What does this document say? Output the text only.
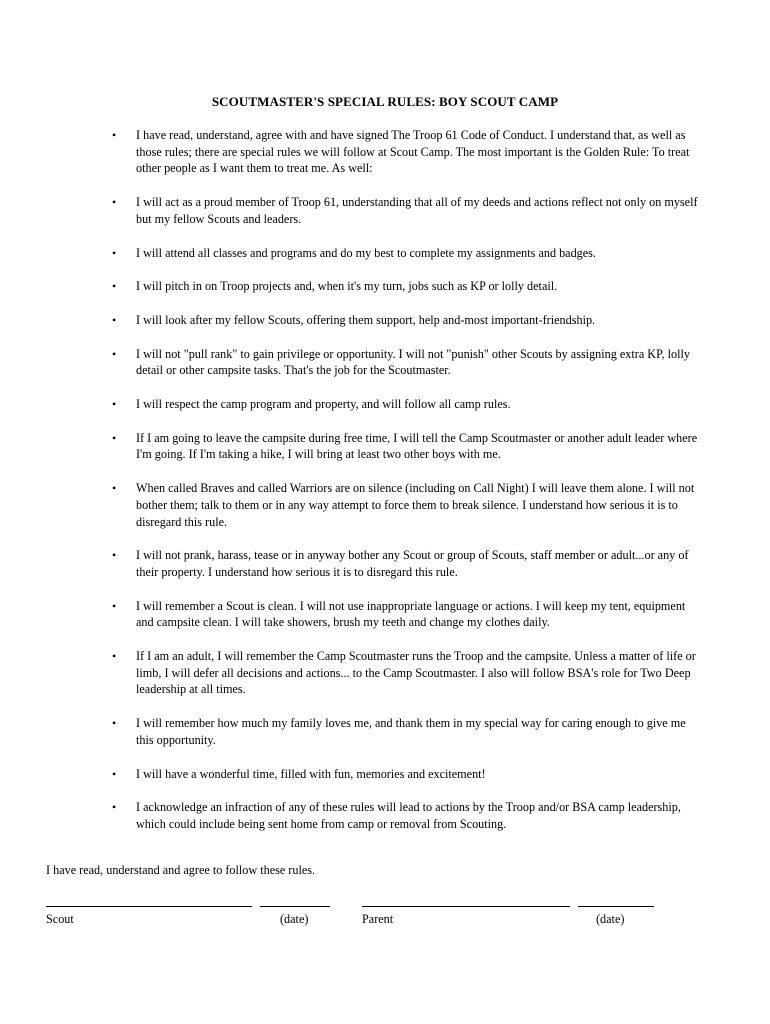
SCOUTMASTER'S SPECIAL RULES: BOY SCOUT CAMP
• I have read, understand, agree with and have signed The Troop 61 Code of Conduct. I understand that, as well as those rules; there are special rules we will follow at Scout Camp. The most important is the Golden Rule: To treat other people as I want them to treat me. As well:
• I will act as a proud member of Troop 61, understanding that all of my deeds and actions reflect not only on myself but my fellow Scouts and leaders.
• I will attend all classes and programs and do my best to complete my assignments and badges.
• I will pitch in on Troop projects and, when it's my turn, jobs such as KP or lolly detail.
• I will look after my fellow Scouts, offering them support, help and-most important-friendship.
• I will not "pull rank" to gain privilege or opportunity. I will not "punish" other Scouts by assigning extra KP, lolly detail or other campsite tasks. That's the job for the Scoutmaster.
• I will respect the camp program and property, and will follow all camp rules.
• If I am going to leave the campsite during free time, I will tell the Camp Scoutmaster or another adult leader where I'm going. If I'm taking a hike, I will bring at least two other boys with me.
• When called Braves and called Warriors are on silence (including on Call Night) I will leave them alone. I will not bother them; talk to them or in any way attempt to force them to break silence. I understand how serious it is to disregard this rule.
• I will not prank, harass, tease or in anyway bother any Scout or group of Scouts, staff member or adult...or any of their property. I understand how serious it is to disregard this rule.
• I will remember a Scout is clean. I will not use inappropriate language or actions. I will keep my tent, equipment and campsite clean. I will take showers, brush my teeth and change my clothes daily.
• If I am an adult, I will remember the Camp Scoutmaster runs the Troop and the campsite. Unless a matter of life or limb, I will defer all decisions and actions... to the Camp Scoutmaster. I also will follow BSA's role for Two Deep leadership at all times.
• I will remember how much my family loves me, and thank them in my special way for caring enough to give me this opportunity.
• I will have a wonderful time, filled with fun, memories and excitement!
• I acknowledge an infraction of any of these rules will lead to actions by the Troop and/or BSA camp leadership, which could include being sent home from camp or removal from Scouting.
I have read, understand and agree to follow these rules.
Scout	(date)	Parent	(date)
